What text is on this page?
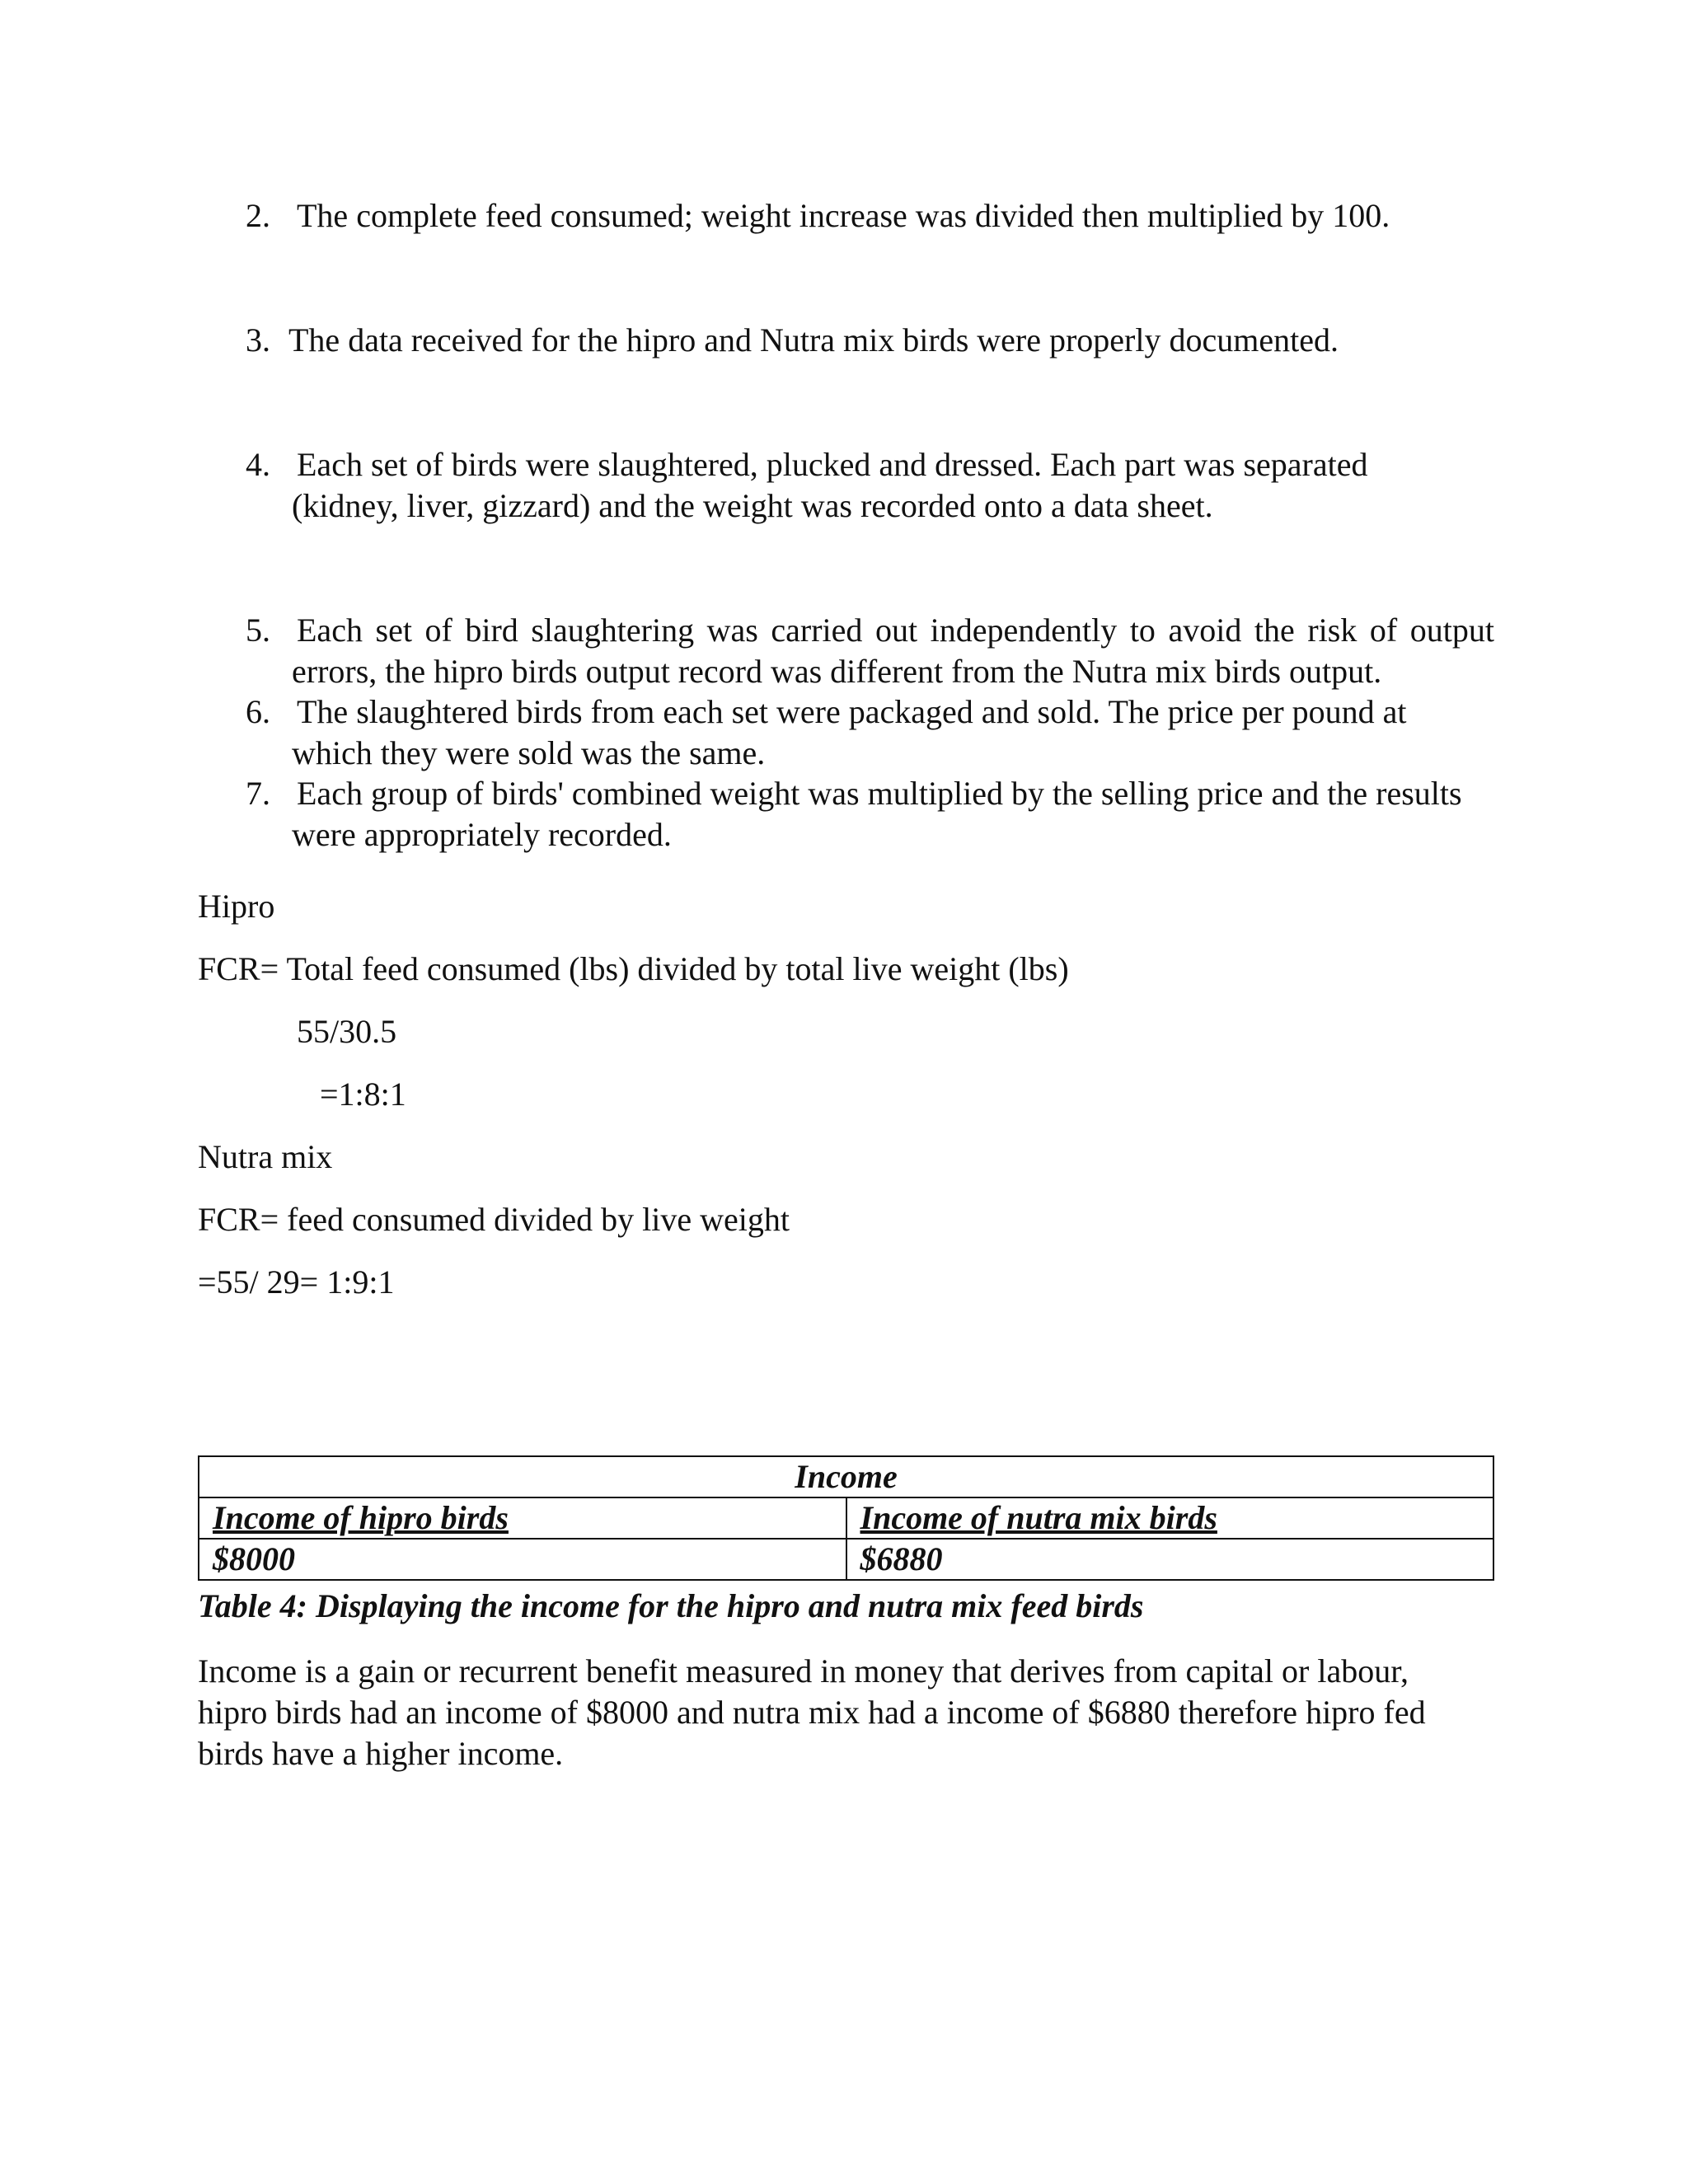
2. The complete feed consumed; weight increase was divided then multiplied by 100.
3. The data received for the hipro and Nutra mix birds were properly documented.
4. Each set of birds were slaughtered, plucked and dressed. Each part was separated
(kidney, liver, gizzard) and the weight was recorded onto a data sheet.
5. Each set of bird slaughtering was carried out independently to avoid the risk of output
errors, the hipro birds output record was different from the Nutra mix birds output.
6. The slaughtered birds from each set were packaged and sold. The price per pound at
which they were sold was the same.
7. Each group of birds' combined weight was multiplied by the selling price and the results
were appropriately recorded.
Hipro
FCR= Total feed consumed (lbs) divided by total live weight (lbs)
55/30.5
=1:8:1
Nutra mix
FCR= feed consumed divided by live weight
=55/ 29= 1:9:1
Income	
Income of hipro birds	Income of nutra mix birds
$8000	$6880
Table 4: Displaying the income for the hipro and nutra mix feed birds
Income is a gain or recurrent benefit measured in money that derives from capital or labour,
hipro birds had an income of $8000 and nutra mix had a income of $6880 therefore hipro fed
birds have a higher income.
